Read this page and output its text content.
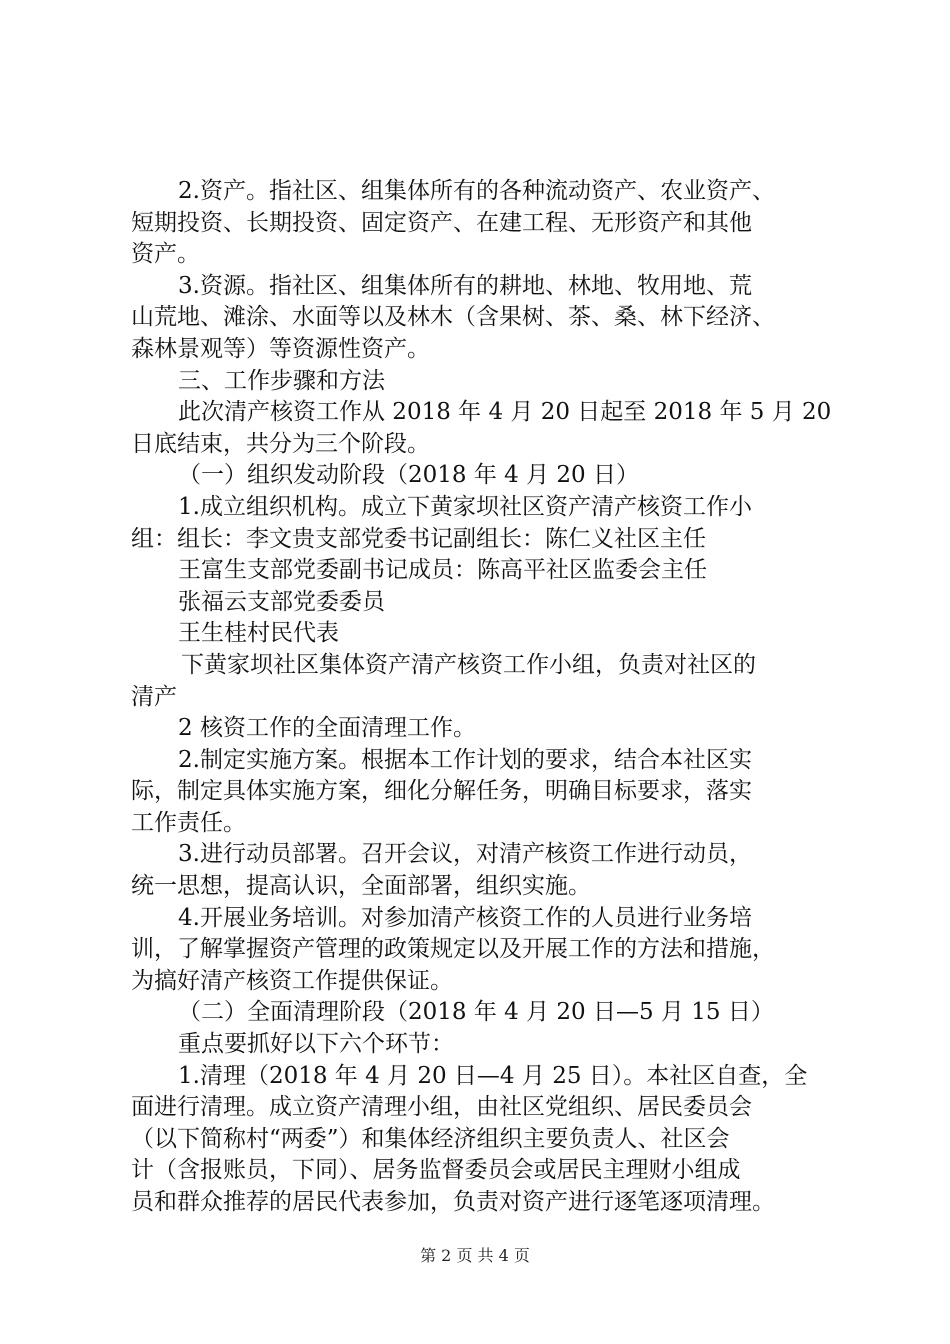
2.资产。指社区、组集体所有的各种流动资产、农业资产、
短期投资、长期投资、固定资产、在建工程、无形资产和其他
资产。
3.资源。指社区、组集体所有的耕地、林地、牧用地、荒
山荒地、滩涂、水面等以及林木（含果树、茶、桑、林下经济、
森林景观等）等资源性资产。
三、工作步骤和方法
此次清产核资工作从 2018 年 4 月 20 日起至 2018 年 5 月 20
日底结束，共分为三个阶段。
（一）组织发动阶段（2018 年 4 月 20 日）
1.成立组织机构。成立下黄家坝社区资产清产核资工作小
组：组长：李文贵支部党委书记副组长：陈仁义社区主任
王富生支部党委副书记成员：陈高平社区监委会主任
张福云支部党委委员
王生桂村民代表
下黄家坝社区集体资产清产核资工作小组，负责对社区的
清产
2 核资工作的全面清理工作。
2.制定实施方案。根据本工作计划的要求，结合本社区实
际，制定具体实施方案，细化分解任务，明确目标要求，落实
工作责任。
3.进行动员部署。召开会议，对清产核资工作进行动员，
统一思想，提高认识，全面部署，组织实施。
4.开展业务培训。对参加清产核资工作的人员进行业务培
训，了解掌握资产管理的政策规定以及开展工作的方法和措施，
为搞好清产核资工作提供保证。
（二）全面清理阶段（2018 年 4 月 20 日—5 月 15 日）
重点要抓好以下六个环节：
1.清理（2018 年 4 月 20 日—4 月 25 日）。本社区自查，全
面进行清理。成立资产清理小组，由社区党组织、居民委员会
（以下简称村“两委”）和集体经济组织主要负责人、社区会
计（含报账员，下同）、居务监督委员会或居民主理财小组成
员和群众推荐的居民代表参加，负责对资产进行逐笔逐项清理。
第 2 页 共 4 页
